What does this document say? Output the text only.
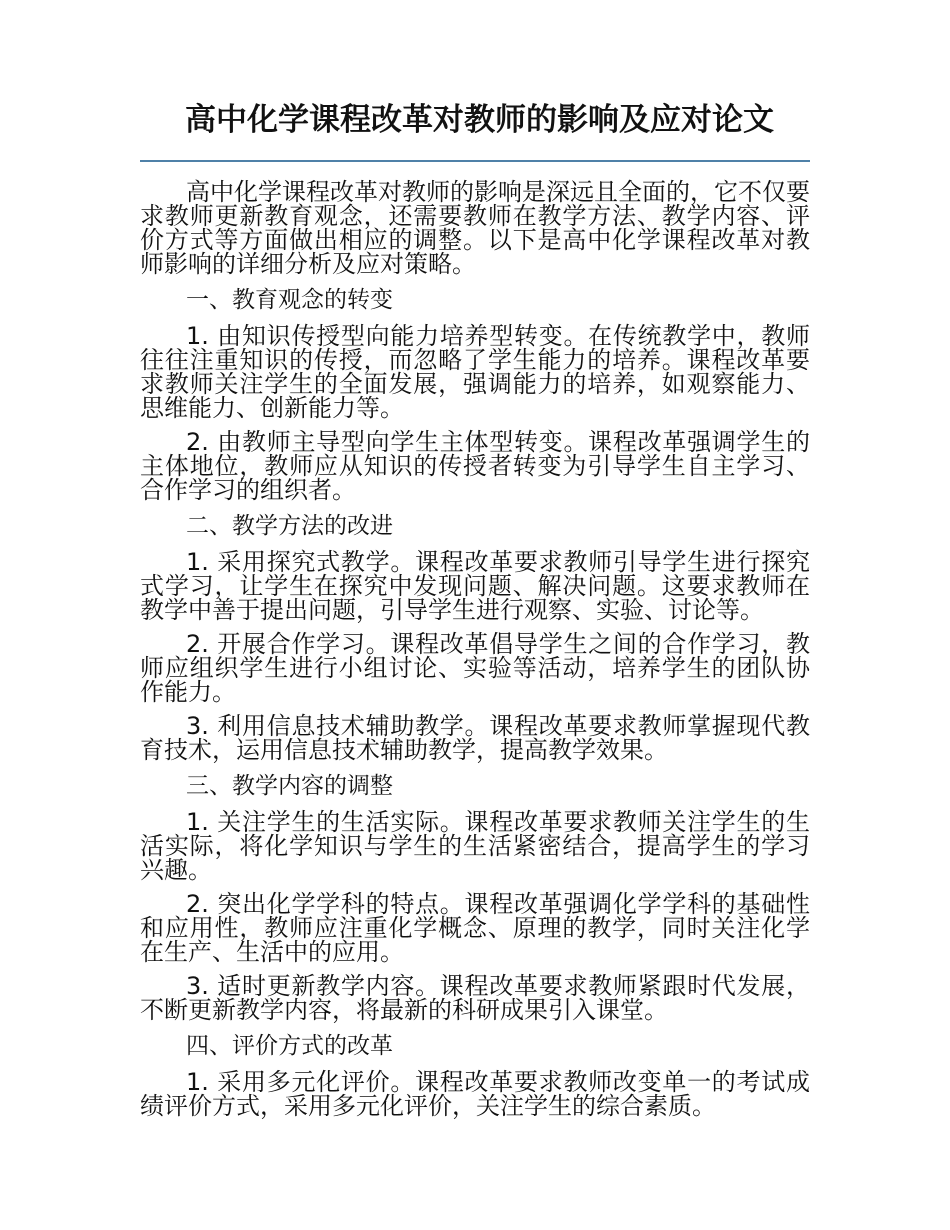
高中化学课程改革对教师的影响及应对论文

高中化学课程改革对教师的影响是深远且全面的，它不仅要求教师更新教育观念，还需要教师在教学方法、教学内容、评价方式等方面做出相应的调整。以下是高中化学课程改革对教师影响的详细分析及应对策略。

一、教育观念的转变

1. 由知识传授型向能力培养型转变。在传统教学中，教师往往注重知识的传授，而忽略了学生能力的培养。课程改革要求教师关注学生的全面发展，强调能力的培养，如观察能力、思维能力、创新能力等。

2. 由教师主导型向学生主体型转变。课程改革强调学生的主体地位，教师应从知识的传授者转变为引导学生自主学习、合作学习的组织者。

二、教学方法的改进

1. 采用探究式教学。课程改革要求教师引导学生进行探究式学习，让学生在探究中发现问题、解决问题。这要求教师在教学中善于提出问题，引导学生进行观察、实验、讨论等。

2. 开展合作学习。课程改革倡导学生之间的合作学习，教师应组织学生进行小组讨论、实验等活动，培养学生的团队协作能力。

3. 利用信息技术辅助教学。课程改革要求教师掌握现代教育技术，运用信息技术辅助教学，提高教学效果。

三、教学内容的调整

1. 关注学生的生活实际。课程改革要求教师关注学生的生活实际，将化学知识与学生的生活紧密结合，提高学生的学习兴趣。

2. 突出化学学科的特点。课程改革强调化学学科的基础性和应用性，教师应注重化学概念、原理的教学，同时关注化学在生产、生活中的应用。

3. 适时更新教学内容。课程改革要求教师紧跟时代发展，不断更新教学内容，将最新的科研成果引入课堂。

四、评价方式的改革

1. 采用多元化评价。课程改革要求教师改变单一的考试成绩评价方式，采用多元化评价，关注学生的综合素质。
